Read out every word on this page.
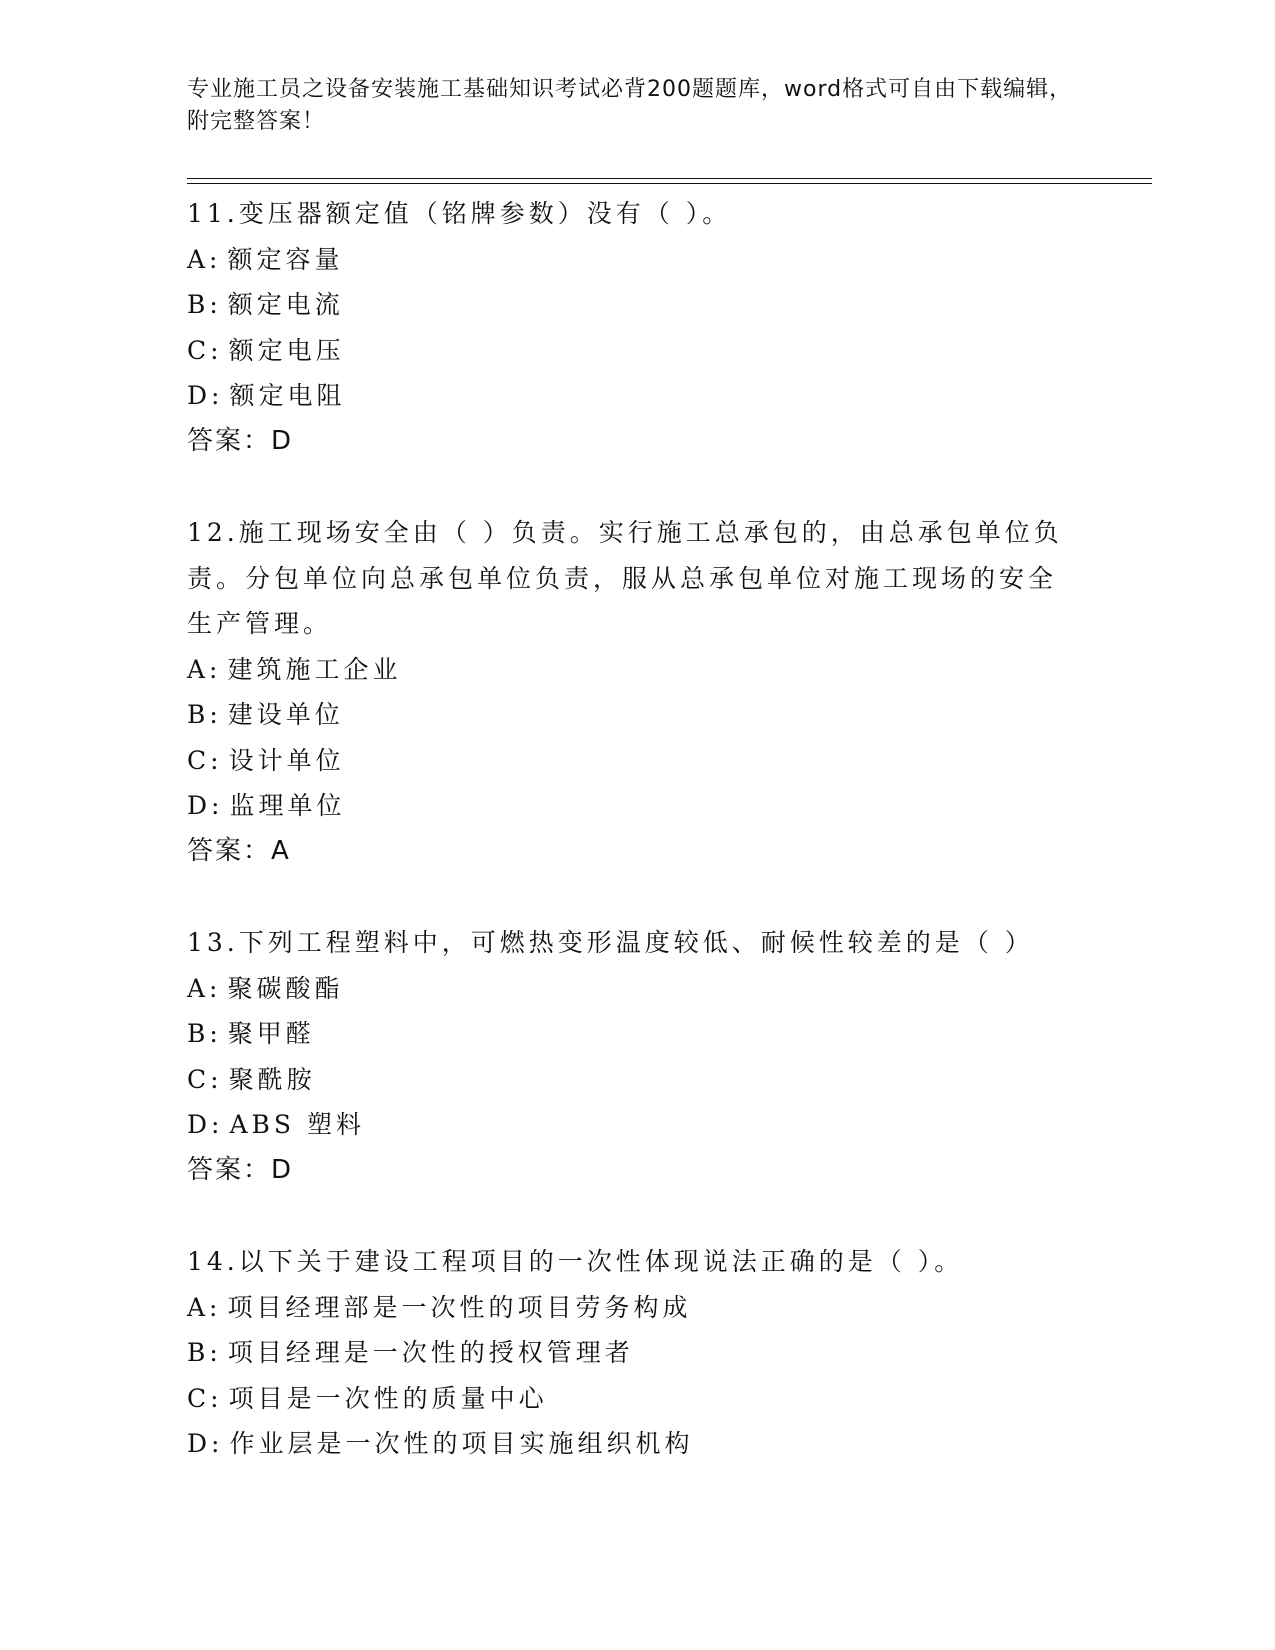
专业施工员之设备安装施工基础知识考试必背200题题库，word格式可自由下载编辑，附完整答案！

11.变压器额定值（铭牌参数）没有（ ）。

A: 额定容量

B: 额定电流

C: 额定电压

D: 额定电阻

答案：D

12.施工现场安全由（ ）负责。实行施工总承包的，由总承包单位负责。分包单位向总承包单位负责，服从总承包单位对施工现场的安全生产管理。

A: 建筑施工企业

B: 建设单位

C: 设计单位

D: 监理单位

答案：A

13.下列工程塑料中，可燃热变形温度较低、耐候性较差的是（ ）

A: 聚碳酸酯

B: 聚甲醛

C: 聚酰胺

D: ABS 塑料

答案：D

14.以下关于建设工程项目的一次性体现说法正确的是（ ）。

A: 项目经理部是一次性的项目劳务构成

B: 项目经理是一次性的授权管理者

C: 项目是一次性的质量中心

D: 作业层是一次性的项目实施组织机构
